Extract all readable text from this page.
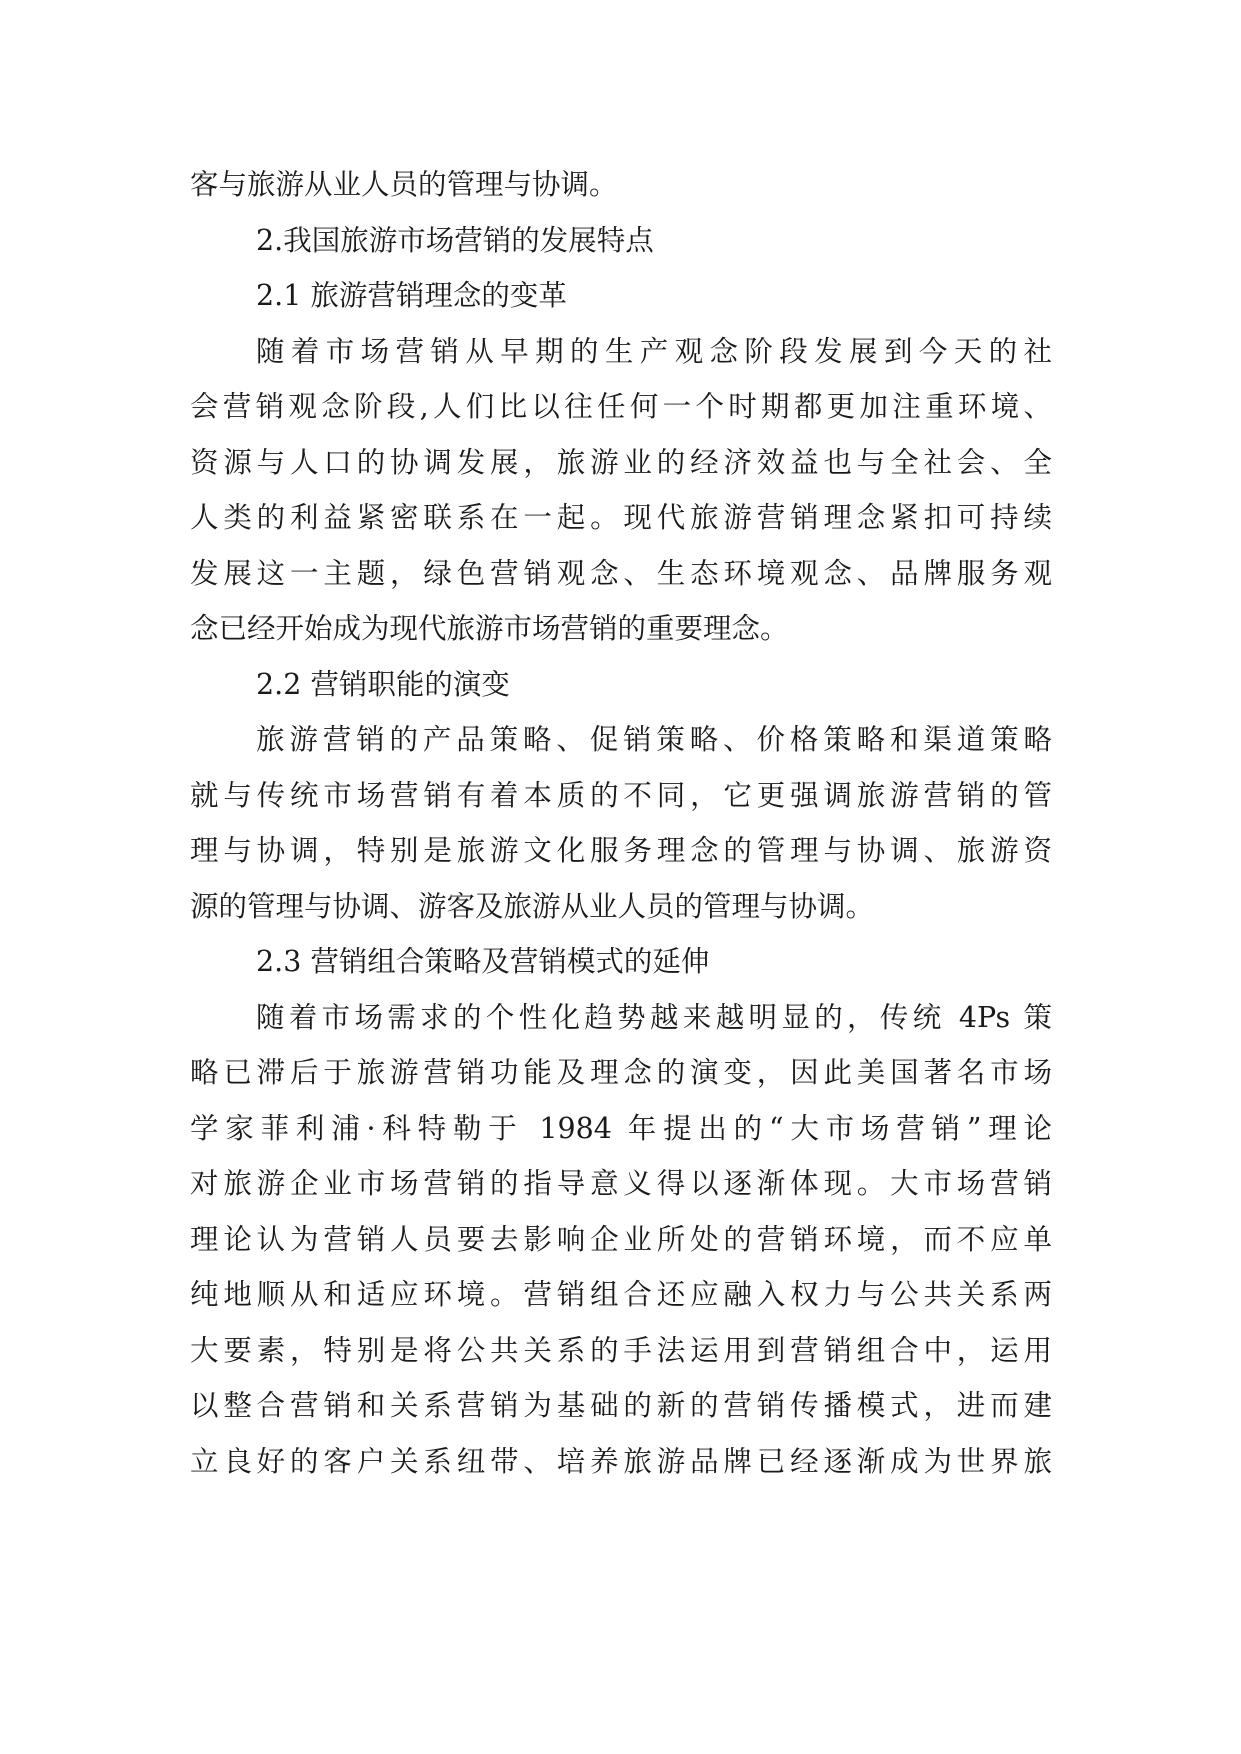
客与旅游从业人员的管理与协调。
2.我国旅游市场营销的发展特点
2.1 旅游营销理念的变革
随着市场营销从早期的生产观念阶段发展到今天的社
会营销观念阶段,人们比以往任何一个时期都更加注重环境、
资源与人口的协调发展，旅游业的经济效益也与全社会、全
人类的利益紧密联系在一起。现代旅游营销理念紧扣可持续
发展这一主题，绿色营销观念、生态环境观念、品牌服务观
念已经开始成为现代旅游市场营销的重要理念。
2.2 营销职能的演变
旅游营销的产品策略、促销策略、价格策略和渠道策略
就与传统市场营销有着本质的不同，它更强调旅游营销的管
理与协调，特别是旅游文化服务理念的管理与协调、旅游资
源的管理与协调、游客及旅游从业人员的管理与协调。
2.3 营销组合策略及营销模式的延伸
随着市场需求的个性化趋势越来越明显的，传统 4Ps 策
略已滞后于旅游营销功能及理念的演变，因此美国著名市场
学家菲利浦·科特勒于 1984 年提出的“大市场营销”理论
对旅游企业市场营销的指导意义得以逐渐体现。大市场营销
理论认为营销人员要去影响企业所处的营销环境，而不应单
纯地顺从和适应环境。营销组合还应融入权力与公共关系两
大要素，特别是将公共关系的手法运用到营销组合中，运用
以整合营销和关系营销为基础的新的营销传播模式，进而建
立良好的客户关系纽带、培养旅游品牌已经逐渐成为世界旅
